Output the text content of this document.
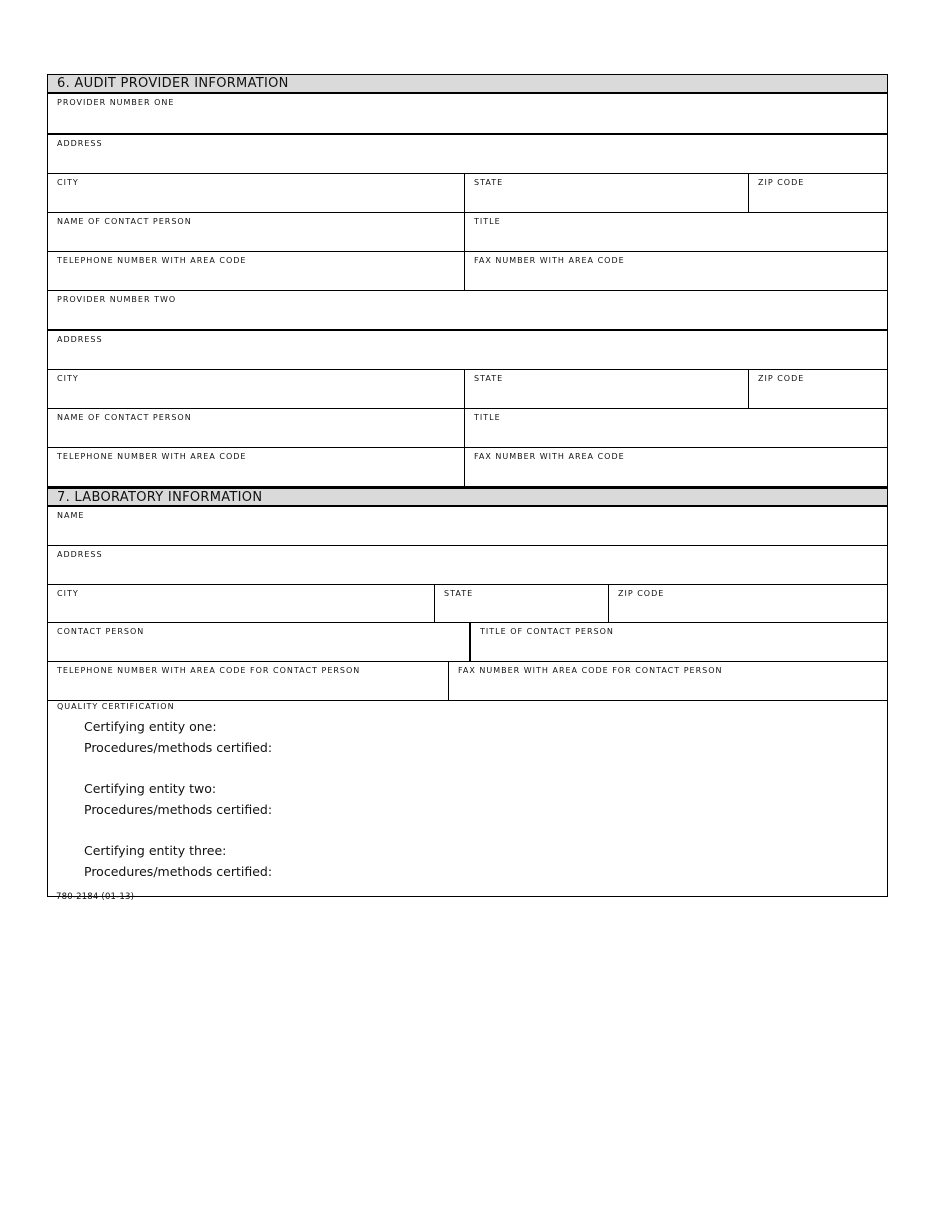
6. AUDIT PROVIDER INFORMATION
PROVIDER NUMBER ONE
ADDRESS
CITY	STATE	ZIP CODE
NAME OF CONTACT PERSON	TITLE
TELEPHONE NUMBER WITH AREA CODE	FAX NUMBER WITH AREA CODE
PROVIDER NUMBER TWO
ADDRESS
CITY	STATE	ZIP CODE
NAME OF CONTACT PERSON	TITLE
TELEPHONE NUMBER WITH AREA CODE	FAX NUMBER WITH AREA CODE
7. LABORATORY INFORMATION
NAME
ADDRESS
CITY	STATE	ZIP CODE
CONTACT PERSON	TITLE OF CONTACT PERSON
TELEPHONE NUMBER WITH AREA CODE FOR CONTACT PERSON	FAX NUMBER WITH AREA CODE FOR CONTACT PERSON
QUALITY CERTIFICATION
Certifying entity one:
Procedures/methods certified:
Certifying entity two:
Procedures/methods certified:
Certifying entity three:
Procedures/methods certified:
780-2184 (01-13)
